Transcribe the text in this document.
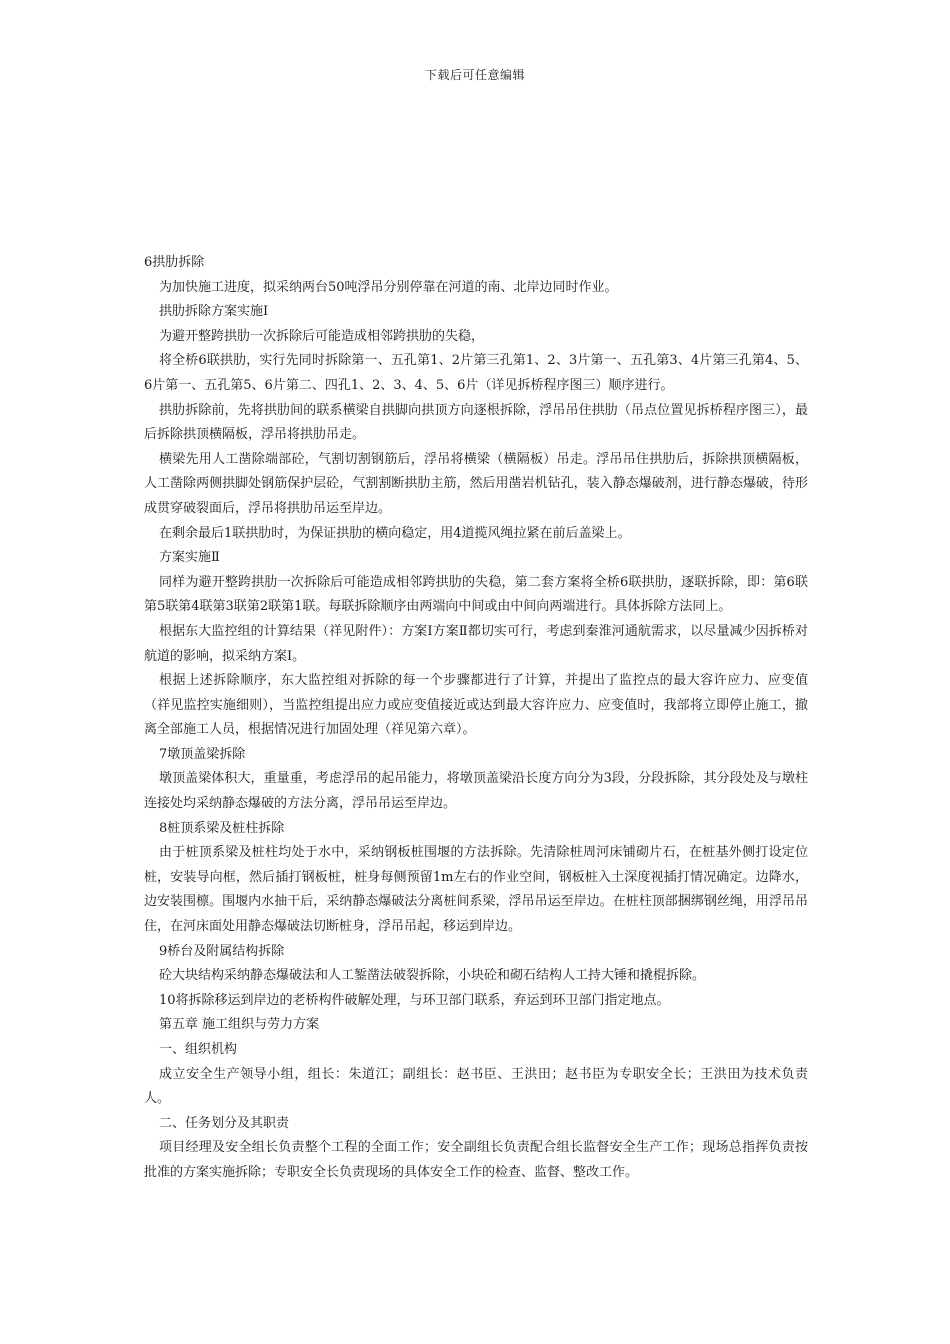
下载后可任意编辑

6拱肋拆除

为加快施工进度，拟采纳两台50吨浮吊分别停靠在河道的南、北岸边同时作业。

拱肋拆除方案实施Ⅰ

为避开整跨拱肋一次拆除后可能造成相邻跨拱肋的失稳，

将全桥6联拱肋，实行先同时拆除第一、五孔第1、2片第三孔第1、2、3片第一、五孔第3、4片第三孔第4、5、6片第一、五孔第5、6片第二、四孔1、2、3、4、5、6片（详见拆桥程序图三）顺序进行。

拱肋拆除前，先将拱肋间的联系横梁自拱脚向拱顶方向逐根拆除，浮吊吊住拱肋（吊点位置见拆桥程序图三），最后拆除拱顶横隔板，浮吊将拱肋吊走。

横梁先用人工凿除端部砼，气割切割钢筋后，浮吊将横梁（横隔板）吊走。浮吊吊住拱肋后，拆除拱顶横隔板，人工凿除两侧拱脚处钢筋保护层砼，气割割断拱肋主筋，然后用凿岩机钻孔，装入静态爆破剂，进行静态爆破，待形成贯穿破裂面后，浮吊将拱肋吊运至岸边。

在剩余最后1联拱肋时，为保证拱肋的横向稳定，用4道揽风绳拉紧在前后盖梁上。

方案实施Ⅱ

同样为避开整跨拱肋一次拆除后可能造成相邻跨拱肋的失稳，第二套方案将全桥6联拱肋，逐联拆除，即：第6联第5联第4联第3联第2联第1联。每联拆除顺序由两端向中间或由中间向两端进行。具体拆除方法同上。

根据东大监控组的计算结果（祥见附件）：方案Ⅰ方案Ⅱ都切实可行，考虑到秦淮河通航需求，以尽量减少因拆桥对航道的影响，拟采纳方案Ⅰ。

根据上述拆除顺序，东大监控组对拆除的每一个步骤都进行了计算，并提出了监控点的最大容许应力、应变值（祥见监控实施细则），当监控组提出应力或应变值接近或达到最大容许应力、应变值时，我部将立即停止施工，撤离全部施工人员，根据情况进行加固处理（祥见第六章）。

7墩顶盖梁拆除

墩顶盖梁体积大，重量重，考虑浮吊的起吊能力，将墩顶盖梁沿长度方向分为3段，分段拆除，其分段处及与墩柱连接处均采纳静态爆破的方法分离，浮吊吊运至岸边。

8桩顶系梁及桩柱拆除

由于桩顶系梁及桩柱均处于水中，采纳钢板桩围堰的方法拆除。先清除桩周河床铺砌片石，在桩基外侧打设定位桩，安装导向框，然后插打钢板桩，桩身每侧预留1m左右的作业空间，钢板桩入土深度视插打情况确定。边降水，边安装围檩。围堰内水抽干后，采纳静态爆破法分离桩间系梁，浮吊吊运至岸边。在桩柱顶部捆绑钢丝绳，用浮吊吊住，在河床面处用静态爆破法切断桩身，浮吊吊起，移运到岸边。

9桥台及附属结构拆除

砼大块结构采纳静态爆破法和人工錾凿法破裂拆除，小块砼和砌石结构人工持大锤和撬棍拆除。

10将拆除移运到岸边的老桥构件破解处理，与环卫部门联系，弃运到环卫部门指定地点。

第五章 施工组织与劳力方案

一、组织机构

成立安全生产领导小组，组长：朱道江；副组长：赵书臣、王洪田；赵书臣为专职安全长；王洪田为技术负责人。

二、任务划分及其职责

项目经理及安全组长负责整个工程的全面工作；安全副组长负责配合组长监督安全生产工作；现场总指挥负责按批准的方案实施拆除；专职安全长负责现场的具体安全工作的检查、监督、整改工作。
